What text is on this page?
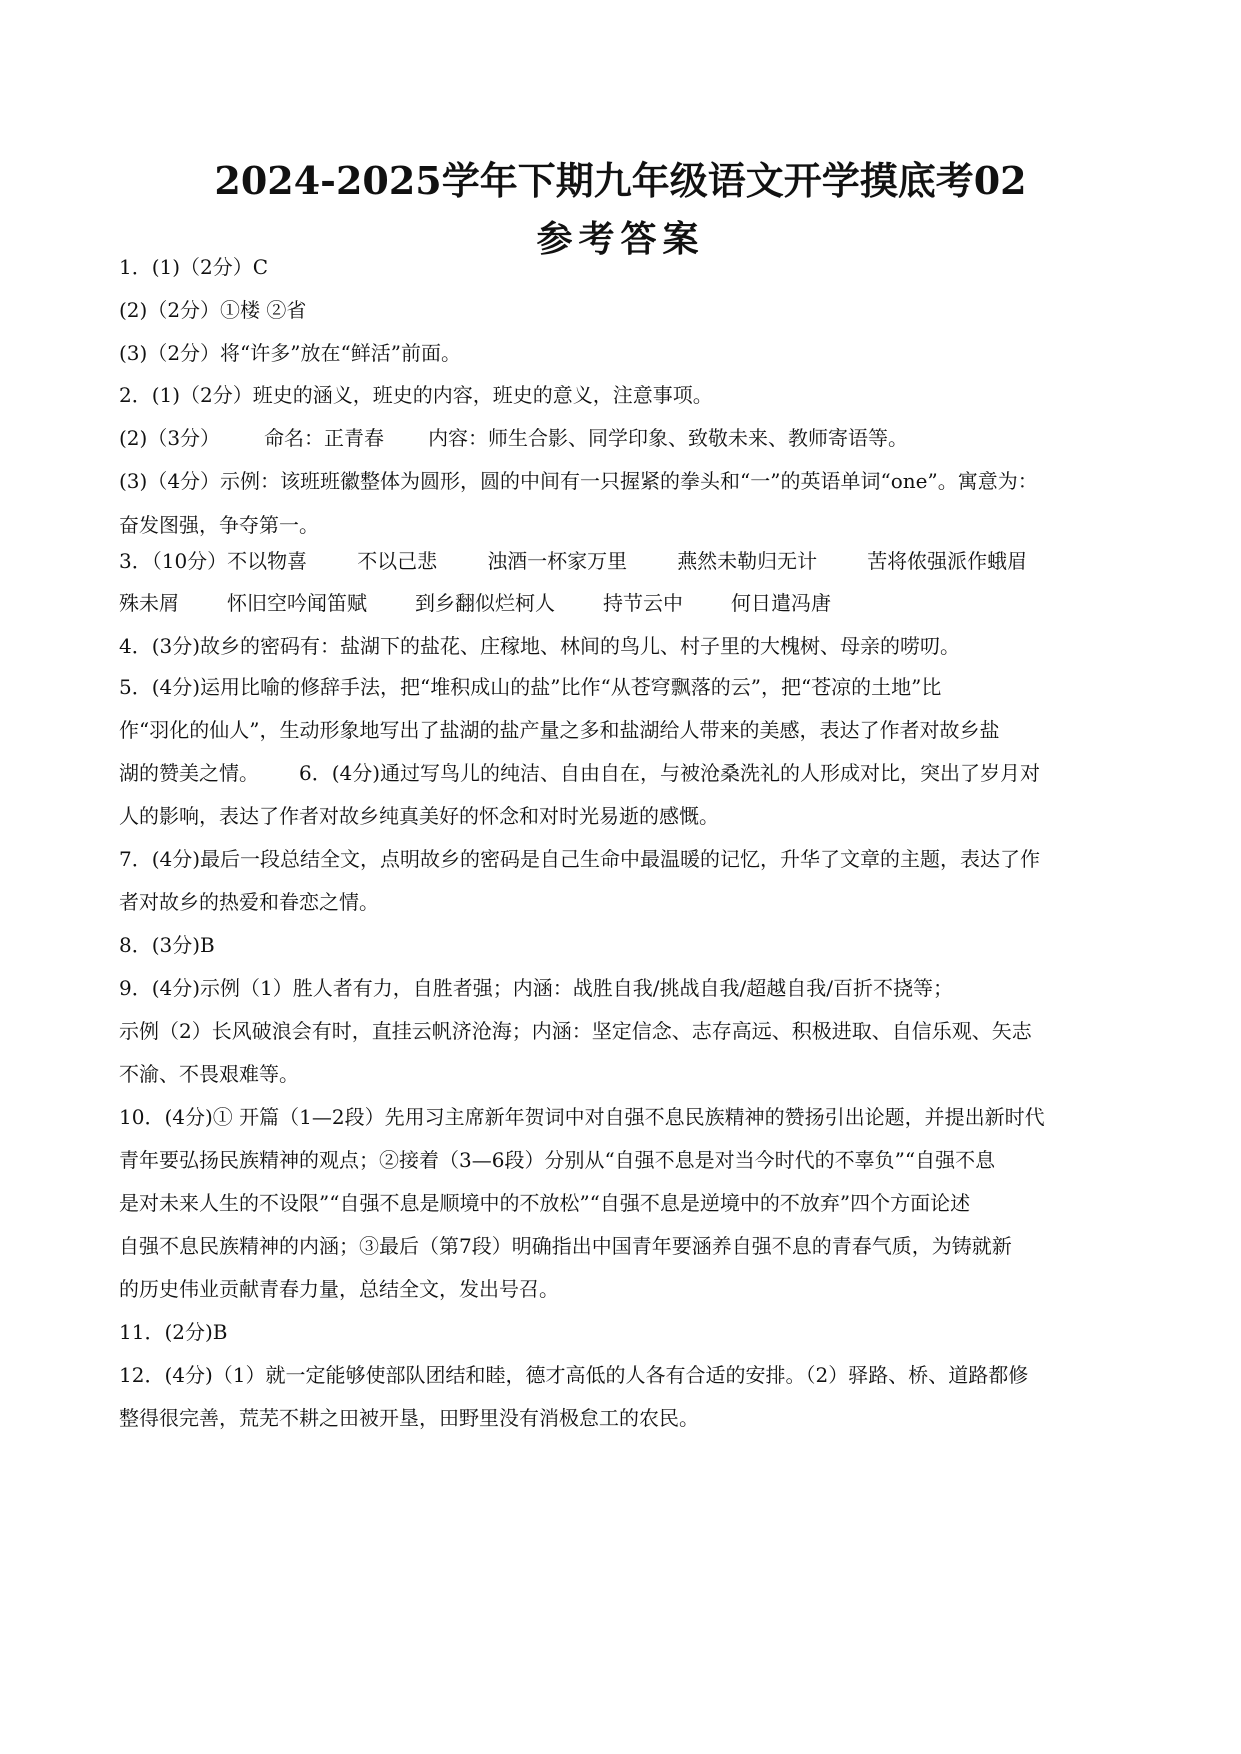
2024-2025学年下期九年级语文开学摸底考02
参考答案
1．(1)（2分）C
(2)（2分）①楼 ②省
(3)（2分）将“许多”放在“鲜活”前面。
2．(1)（2分）班史的涵义，班史的内容，班史的意义，注意事项。
(2)（3分） 命名：正青春 内容：师生合影、同学印象、致敬未来、教师寄语等。
(3)（4分）示例：该班班徽整体为圆形，圆的中间有一只握紧的拳头和“一”的英语单词“one”。寓意为：
奋发图强，争夺第一。
3．（10分）不以物喜	不以己悲	浊酒一杯家万里	燕然未勒归无计	苦将侬强派作蛾眉
殊未屑 怀旧空吟闻笛赋 到乡翻似烂柯人 持节云中 何日遣冯唐
4．(3分)故乡的密码有：盐湖下的盐花、庄稼地、林间的鸟儿、村子里的大槐树、母亲的唠叨。
5．(4分)运用比喻的修辞手法，把“堆积成山的盐”比作“从苍穹飘落的云”，把“苍凉的土地”比
作“羽化的仙人”，生动形象地写出了盐湖的盐产量之多和盐湖给人带来的美感，表达了作者对故乡盐
湖的赞美之情。 6．(4分)通过写鸟儿的纯洁、自由自在，与被沧桑洗礼的人形成对比，突出了岁月对
人的影响，表达了作者对故乡纯真美好的怀念和对时光易逝的感慨。
7．(4分)最后一段总结全文，点明故乡的密码是自己生命中最温暖的记忆，升华了文章的主题，表达了作
者对故乡的热爱和眷恋之情。
8．(3分)B
9．(4分)示例（1）胜人者有力，自胜者强；内涵：战胜自我/挑战自我/超越自我/百折不挠等；
示例（2）长风破浪会有时，直挂云帆济沧海；内涵：坚定信念、志存高远、积极进取、自信乐观、矢志
不渝、不畏艰难等。
10．(4分)① 开篇（1—2段）先用习主席新年贺词中对自强不息民族精神的赞扬引出论题，并提出新时代
青年要弘扬民族精神的观点；②接着（3—6段）分别从“自强不息是对当今时代的不辜负”“自强不息
是对未来人生的不设限”“自强不息是顺境中的不放松”“自强不息是逆境中的不放弃”四个方面论述
自强不息民族精神的内涵；③最后（第7段）明确指出中国青年要涵养自强不息的青春气质，为铸就新
的历史伟业贡献青春力量，总结全文，发出号召。
11．(2分)B
12．(4分)（1）就一定能够使部队团结和睦，德才高低的人各有合适的安排。（2）驿路、桥、道路都修
整得很完善，荒芜不耕之田被开垦，田野里没有消极怠工的农民。
